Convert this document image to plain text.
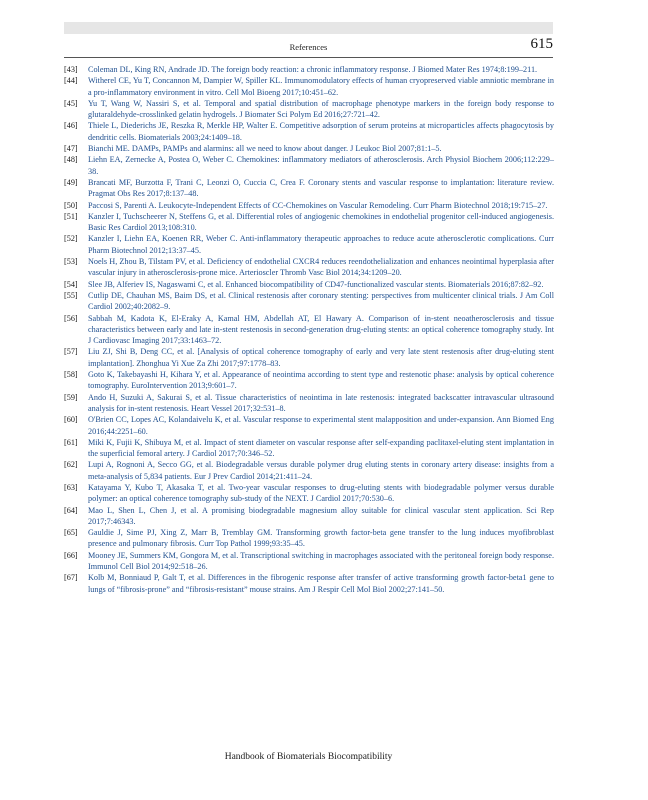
References	615
[43] Coleman DL, King RN, Andrade JD. The foreign body reaction: a chronic inflammatory response. J Biomed Mater Res 1974;8:199–211.
[44] Witherel CE, Yu T, Concannon M, Dampier W, Spiller KL. Immunomodulatory effects of human cryopreserved viable amniotic membrane in a pro-inflammatory environment in vitro. Cell Mol Bioeng 2017;10:451–62.
[45] Yu T, Wang W, Nassiri S, et al. Temporal and spatial distribution of macrophage phenotype markers in the foreign body response to glutaraldehyde-crosslinked gelatin hydrogels. J Biomater Sci Polym Ed 2016;27:721–42.
[46] Thiele L, Diederichs JE, Reszka R, Merkle HP, Walter E. Competitive adsorption of serum proteins at microparticles affects phagocytosis by dendritic cells. Biomaterials 2003;24:1409–18.
[47] Bianchi ME. DAMPs, PAMPs and alarmins: all we need to know about danger. J Leukoc Biol 2007;81:1–5.
[48] Liehn EA, Zernecke A, Postea O, Weber C. Chemokines: inflammatory mediators of atherosclerosis. Arch Physiol Biochem 2006;112:229–38.
[49] Brancati MF, Burzotta F, Trani C, Leonzi O, Cuccia C, Crea F. Coronary stents and vascular response to implantation: literature review. Pragmat Obs Res 2017;8:137–48.
[50] Paccosi S, Parenti A. Leukocyte-Independent Effects of CC-Chemokines on Vascular Remodeling. Curr Pharm Biotechnol 2018;19:715–27.
[51] Kanzler I, Tuchscheerer N, Steffens G, et al. Differential roles of angiogenic chemokines in endothelial progenitor cell-induced angiogenesis. Basic Res Cardiol 2013;108:310.
[52] Kanzler I, Liehn EA, Koenen RR, Weber C. Anti-inflammatory therapeutic approaches to reduce acute atherosclerotic complications. Curr Pharm Biotechnol 2012;13:37–45.
[53] Noels H, Zhou B, Tilstam PV, et al. Deficiency of endothelial CXCR4 reduces reendothelialization and enhances neointimal hyperplasia after vascular injury in atherosclerosis-prone mice. Arterioscler Thromb Vasc Biol 2014;34:1209–20.
[54] Slee JB, Alferiev IS, Nagaswami C, et al. Enhanced biocompatibility of CD47-functionalized vascular stents. Biomaterials 2016;87:82–92.
[55] Cutlip DE, Chauhan MS, Baim DS, et al. Clinical restenosis after coronary stenting: perspectives from multicenter clinical trials. J Am Coll Cardiol 2002;40:2082–9.
[56] Sabbah M, Kadota K, El-Eraky A, Kamal HM, Abdellah AT, El Hawary A. Comparison of in-stent neoatherosclerosis and tissue characteristics between early and late in-stent restenosis in second-generation drug-eluting stents: an optical coherence tomography study. Int J Cardiovasc Imaging 2017;33:1463–72.
[57] Liu ZJ, Shi B, Deng CC, et al. [Analysis of optical coherence tomography of early and very late stent restenosis after drug-eluting stent implantation]. Zhonghua Yi Xue Za Zhi 2017;97:1778–83.
[58] Goto K, Takebayashi H, Kihara Y, et al. Appearance of neointima according to stent type and restenotic phase: analysis by optical coherence tomography. EuroIntervention 2013;9:601–7.
[59] Ando H, Suzuki A, Sakurai S, et al. Tissue characteristics of neointima in late restenosis: integrated backscatter intravascular ultrasound analysis for in-stent restenosis. Heart Vessel 2017;32:531–8.
[60] O'Brien CC, Lopes AC, Kolandaivelu K, et al. Vascular response to experimental stent malapposition and under-expansion. Ann Biomed Eng 2016;44:2251–60.
[61] Miki K, Fujii K, Shibuya M, et al. Impact of stent diameter on vascular response after self-expanding paclitaxel-eluting stent implantation in the superficial femoral artery. J Cardiol 2017;70:346–52.
[62] Lupi A, Rognoni A, Secco GG, et al. Biodegradable versus durable polymer drug eluting stents in coronary artery disease: insights from a meta-analysis of 5,834 patients. Eur J Prev Cardiol 2014;21:411–24.
[63] Katayama Y, Kubo T, Akasaka T, et al. Two-year vascular responses to drug-eluting stents with biodegradable polymer versus durable polymer: an optical coherence tomography sub-study of the NEXT. J Cardiol 2017;70:530–6.
[64] Mao L, Shen L, Chen J, et al. A promising biodegradable magnesium alloy suitable for clinical vascular stent application. Sci Rep 2017;7:46343.
[65] Gauldie J, Sime PJ, Xing Z, Marr B, Tremblay GM. Transforming growth factor-beta gene transfer to the lung induces myofibroblast presence and pulmonary fibrosis. Curr Top Pathol 1999;93:35–45.
[66] Mooney JE, Summers KM, Gongora M, et al. Transcriptional switching in macrophages associated with the peritoneal foreign body response. Immunol Cell Biol 2014;92:518–26.
[67] Kolb M, Bonniaud P, Galt T, et al. Differences in the fibrogenic response after transfer of active transforming growth factor-beta1 gene to lungs of “fibrosis-prone” and “fibrosis-resistant” mouse strains. Am J Respir Cell Mol Biol 2002;27:141–50.
Handbook of Biomaterials Biocompatibility
